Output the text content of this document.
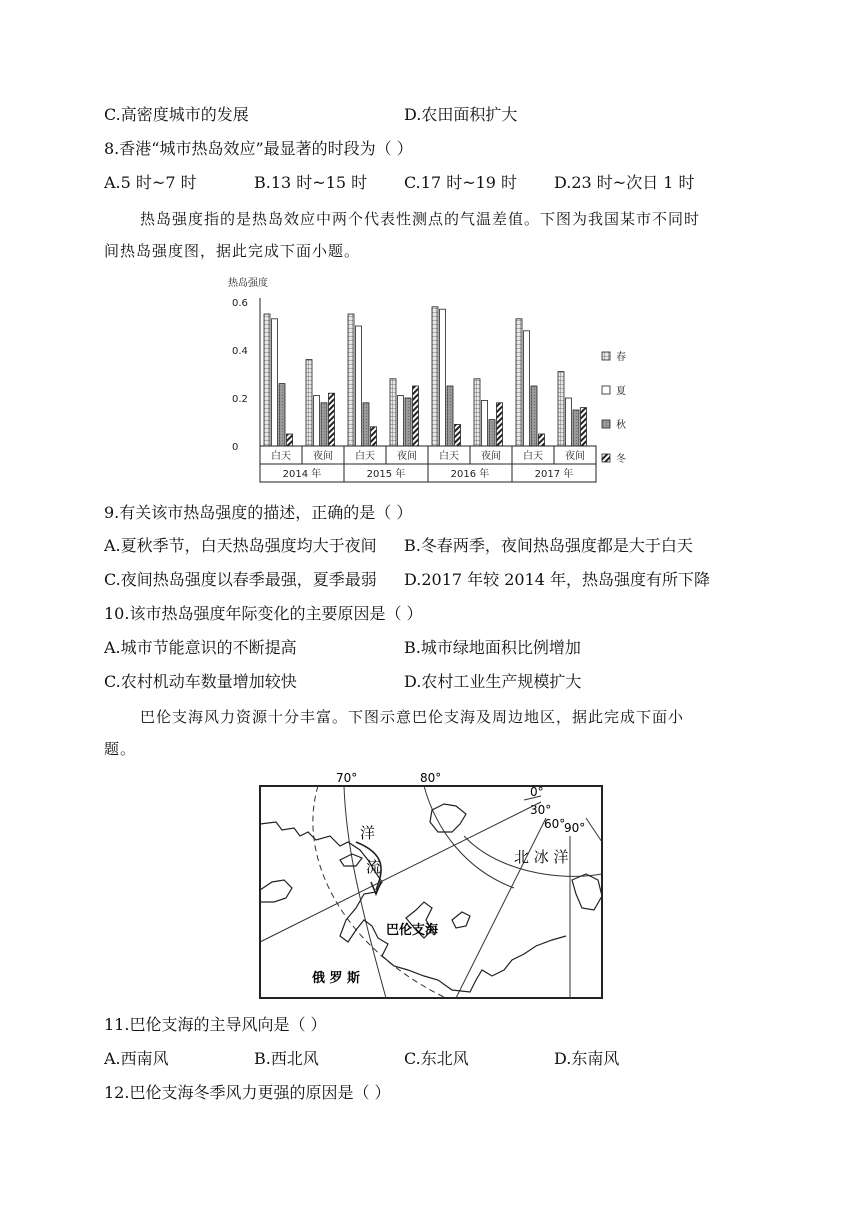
C.高密度城市的发展	D.农田面积扩大
8.香港“城市热岛效应”最显著的时段为（ ）
A.5 时~7 时	B.13 时~15 时 C.17 时~19 时 D.23 时~次日 1 时
热岛强度指的是热岛效应中两个代表性测点的气温差值。下图为我国某市不同时
间热岛强度图，据此完成下面小题。
热岛强度
0
0.2
0.4
0.6
白天 夜间 白天 夜间 白天 夜间 白天 夜间
2014 年	2015 年	2016 年	2017 年
春
夏
秋
冬
9.有关该市热岛强度的描述，正确的是（ ）
A.夏秋季节，白天热岛强度均大于夜间 B.冬春两季，夜间热岛强度都是大于白天
C.夜间热岛强度以春季最强，夏季最弱 D.2017 年较 2014 年，热岛强度有所下降
10.该市热岛强度年际变化的主要原因是（ ）
A.城市节能意识的不断提高	B.城市绿地面积比例增加
C.农村机动车数量增加较快	D.农村工业生产规模扩大
巴伦支海风力资源十分丰富。下图示意巴伦支海及周边地区，据此完成下面小
题。
70°	80°
0°
30°
60°
90°
洋
流
巴伦支海
俄 罗 斯
北 冰 洋
11.巴伦支海的主导风向是（ ）
A.西南风	B.西北风	C.东北风	D.东南风
12.巴伦支海冬季风力更强的原因是（ ）
